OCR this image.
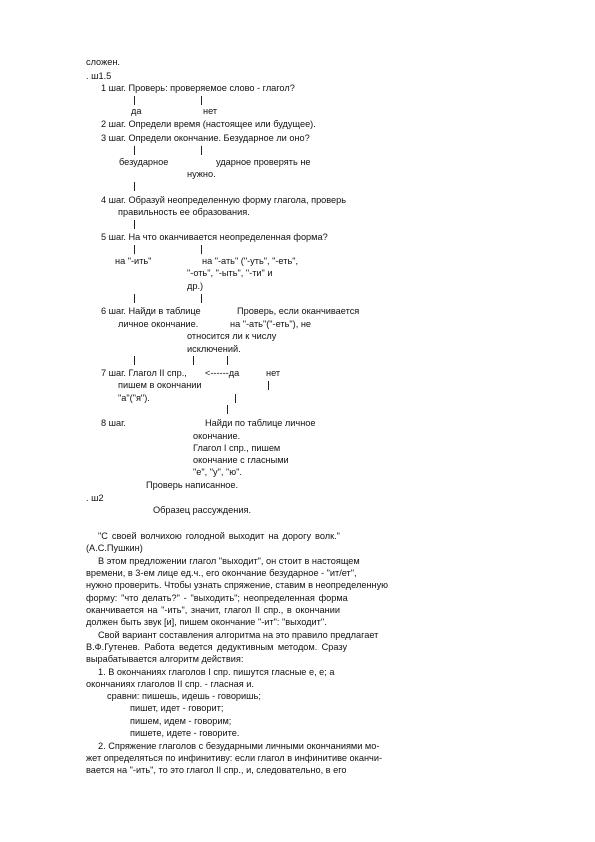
сложен.
. ш1.5
1 шаг. Проверь: проверяемое слово - глагол?
да	нет
2 шаг. Определи время (настоящее или будущее).
3 шаг. Определи окончание. Безударное ли оно?
безударное	ударное проверять не
нужно.
4 шаг. Образуй неопределенную форму глагола, проверь
правильность ее образования.
5 шаг. На что оканчивается неопределенная форма?
на "-ить"	на "-ать" ("-уть", "-еть",
"-оть", "-ыть", "-ти" и
др.)
6 шаг. Найди в таблице	Проверь, если оканчивается
личное окончание.	на "-ать"("-еть"), не
относится ли к числу
исключений.
7 шаг. Глагол II спр., <------да	нет
пишем в окончании
"а"("я").
8 шаг.	Найди по таблице личное
окончание.
Глагол I спр., пишем
окончание с гласными
"е", "у", "ю".
Проверь написанное.
. ш2
Образец рассуждения.
"С своей волчихою голодной выходит на дорогу волк."
(А.С.Пушкин)
В этом предложении глагол "выходит", он стоит в настоящем
времени, в 3-ем лице ед.ч., его окончание безударное - "ит/ет",
нужно проверить. Чтобы узнать спряжение, ставим в неопределенную
форму: "что делать?" - "выходить"; неопределенная форма
оканчивается на "-ить", значит, глагол II спр., в окончании
должен быть звук [и], пишем окончание "-ит": "выходит".
Свой вариант составления алгоритма на это правило предлагает
В.Ф.Гутенев. Работа ведется дедуктивным методом. Сразу
вырабатывается алгоритм действия:
1. В окончаниях глаголов I спр. пишутся гласные е, е; а
окончаниях глаголов II спр. - гласная и.
сравни: пишешь, идешь - говоришь;
пишет, идет - говорит;
пишем, идем - говорим;
пишете, идете - говорите.
2. Спряжение глаголов с безударными личными окончаниями мо-
жет определяться по инфинитиву: если глагол в инфинитиве оканчи-
вается на "-ить", то это глагол II спр., и, следовательно, в его
